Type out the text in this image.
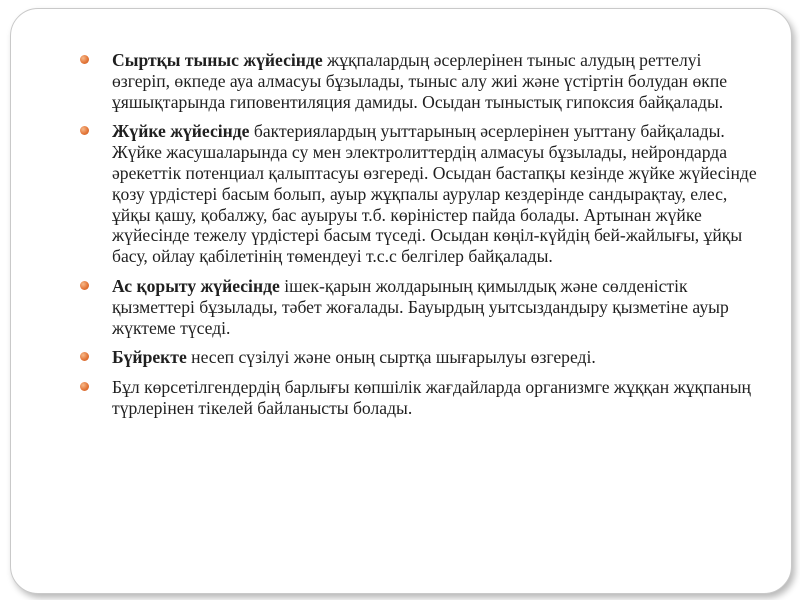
Сыртқы тыныс жүйесінде жұқпалардың әсерлерінен тыныс алудың реттелуі өзгеріп, өкпеде ауа алмасуы бұзылады, тыныс алу жиі және үстіртін болудан өкпе ұяшықтарында гиповентиляция дамиды. Осыдан тыныстық гипоксия байқалады.
Жүйке жүйесінде бактериялардың уыттарының әсерлерінен уыттану байқалады. Жүйке жасушаларында су мен электролиттердің алмасуы бұзылады, нейрондарда әрекеттік потенциал қалыптасуы өзгереді. Осыдан бастапқы кезінде жүйке жүйесінде қозу үрдістері басым болып, ауыр жұқпалы аурулар кездерінде сандырақтау, елес, ұйқы қашу, қобалжу, бас ауыруы т.б. көріністер пайда болады. Артынан жүйке жүйесінде тежелу үрдістері басым түседі. Осыдан көңіл-күйдің бей-жайлығы, ұйқы басу, ойлау қабілетінің төмендеуі т.с.с белгілер байқалады.
Ас қорыту жүйесінде ішек-қарын жолдарының қимылдық және сөлденістік қызметтері бұзылады, тәбет жоғалады. Бауырдың уытсыздандыру қызметіне ауыр жүктеме түседі.
Бүйректе несеп сүзілуі және оның сыртқа шығарылуы өзгереді.
Бұл көрсетілгендердің барлығы көпшілік жағдайларда организмге жұққан жұқпаның түрлерінен тікелей байланысты болады.
